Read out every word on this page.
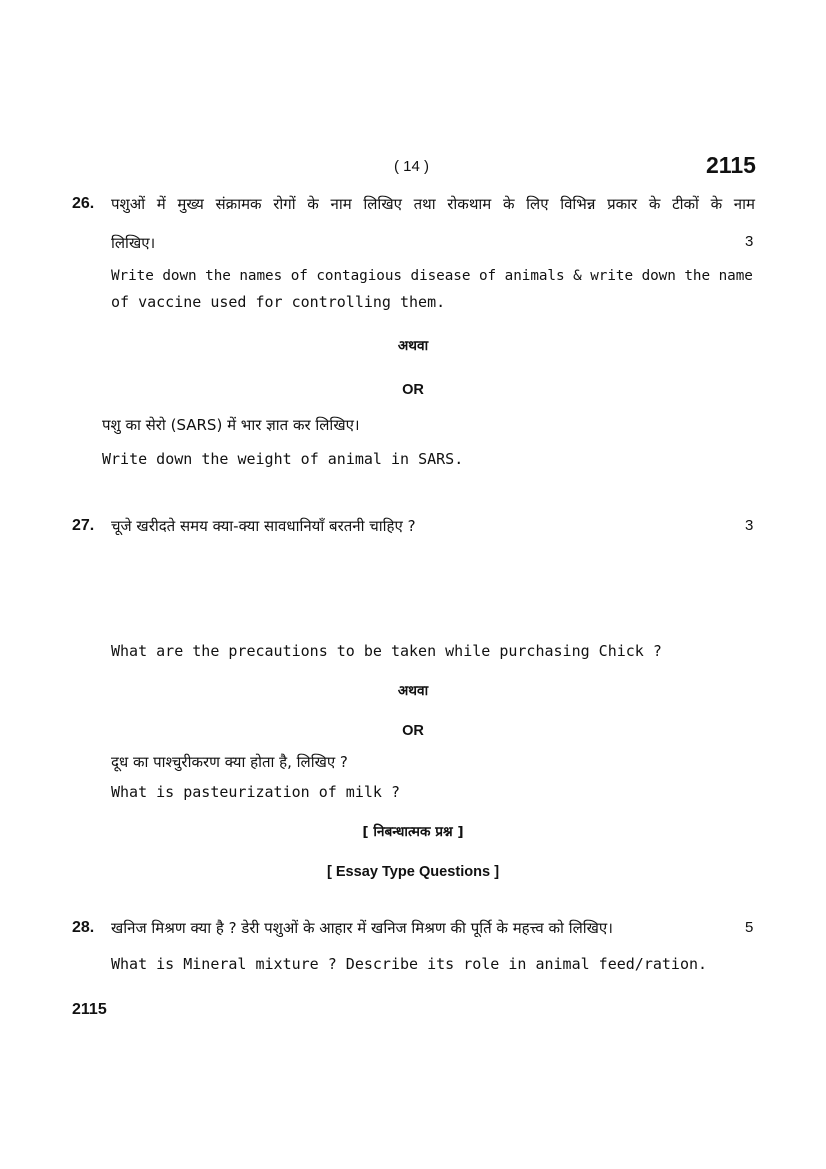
( 14 )	2115
26. पशुओं में मुख्य संक्रामक रोगों के नाम लिखिए तथा रोकथाम के लिए विभिन्न प्रकार के टीकों के नाम
लिखिए।	3
Write down the names of contagious disease of animals & write down the name
of vaccine used for controlling them.
अथवा
OR
पशु का सेरो (SARS) में भार ज्ञात कर लिखिए।
Write down the weight of animal in SARS.
27. चूजे खरीदते समय क्या-क्या सावधानियाँ बरतनी चाहिए ?	3
What are the precautions to be taken while purchasing Chick ?
अथवा
OR
दूध का पाश्चुरीकरण क्या होता है, लिखिए ?
What is pasteurization of milk ?
[ निबन्धात्मक प्रश्न ]
[ Essay Type Questions ]
28. खनिज मिश्रण क्या है ? डेरी पशुओं के आहार में खनिज मिश्रण की पूर्ति के महत्त्व को लिखिए।	5
What is Mineral mixture ? Describe its role in animal feed/ration.
2115
